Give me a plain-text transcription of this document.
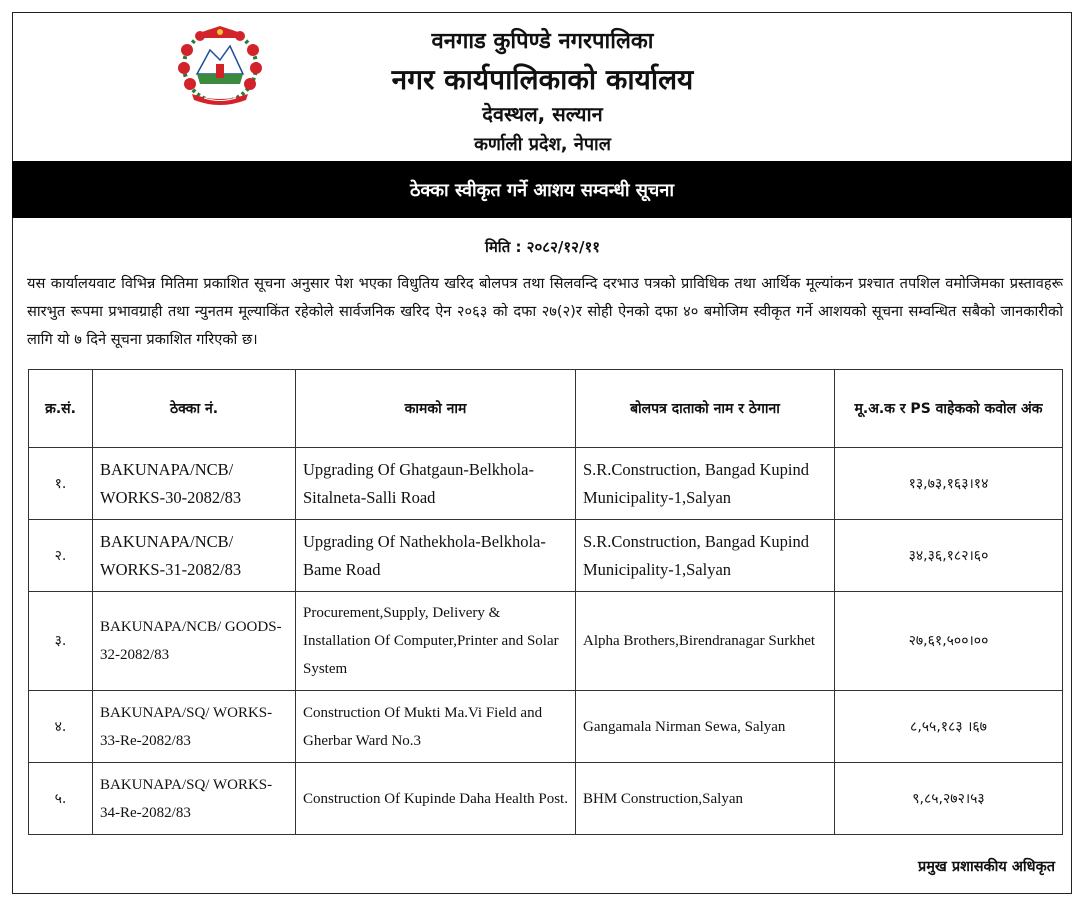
वनगाड कुपिण्डे नगरपालिका
नगर कार्यपालिकाको कार्यालय
देवस्थल, सल्यान
कर्णाली प्रदेश, नेपाल
ठेक्का स्वीकृत गर्ने आशय सम्वन्धी सूचना
मिति : २०८२/१२/११
यस कार्यालयवाट विभिन्न मितिमा प्रकाशित सूचना अनुसार पेश भएका विधुतिय खरिद बोलपत्र तथा सिलवन्दि दरभाउ पत्रको प्राविधिक तथा आर्थिक मूल्यांकन प्रश्चात तपशिल वमोजिमका प्रस्तावहरू सारभुत रूपमा प्रभावग्राही तथा न्युनतम मूल्याकिंत रहेकोले सार्वजनिक खरिद ऐन २०६३ को दफा २७(२)र सोही ऐनको दफा ४० बमोजिम स्वीकृत गर्ने आशयको सूचना सम्वन्धित सबैको जानकारीको लागि यो ७ दिने सूचना प्रकाशित गरिएको छ।
क्र.सं.	ठेक्का नं.	कामको नाम	बोलपत्र दाताको नाम र ठेगाना	मू.अ.क र PS वाहेकको कवोल अंक
१.	BAKUNAPA/NCB/ WORKS-30-2082/83	Upgrading Of Ghatgaun-Belkhola-Sitalneta-Salli Road	S.R.Construction, Bangad Kupind Municipality-1,Salyan	१३,७३,१६३।१४
२.	BAKUNAPA/NCB/ WORKS-31-2082/83	Upgrading Of Nathekhola-Belkhola-Bame Road	S.R.Construction, Bangad Kupind Municipality-1,Salyan	३४,३६,१८२।६०
३.	BAKUNAPA/NCB/ GOODS-32-2082/83	Procurement,Supply, Delivery & Installation Of Computer,Printer and Solar System	Alpha Brothers,Birendranagar Surkhet	२७,६१,५००।००
४.	BAKUNAPA/SQ/ WORKS-33-Re-2082/83	Construction Of Mukti Ma.Vi Field and Gherbar Ward No.3	Gangamala Nirman Sewa, Salyan	८,५५,१८३ ।६७
५.	BAKUNAPA/SQ/ WORKS-34-Re-2082/83	Construction Of Kupinde Daha Health Post.	BHM Construction,Salyan	९,८५,२७२।५३
प्रमुख प्रशासकीय अधिकृत
